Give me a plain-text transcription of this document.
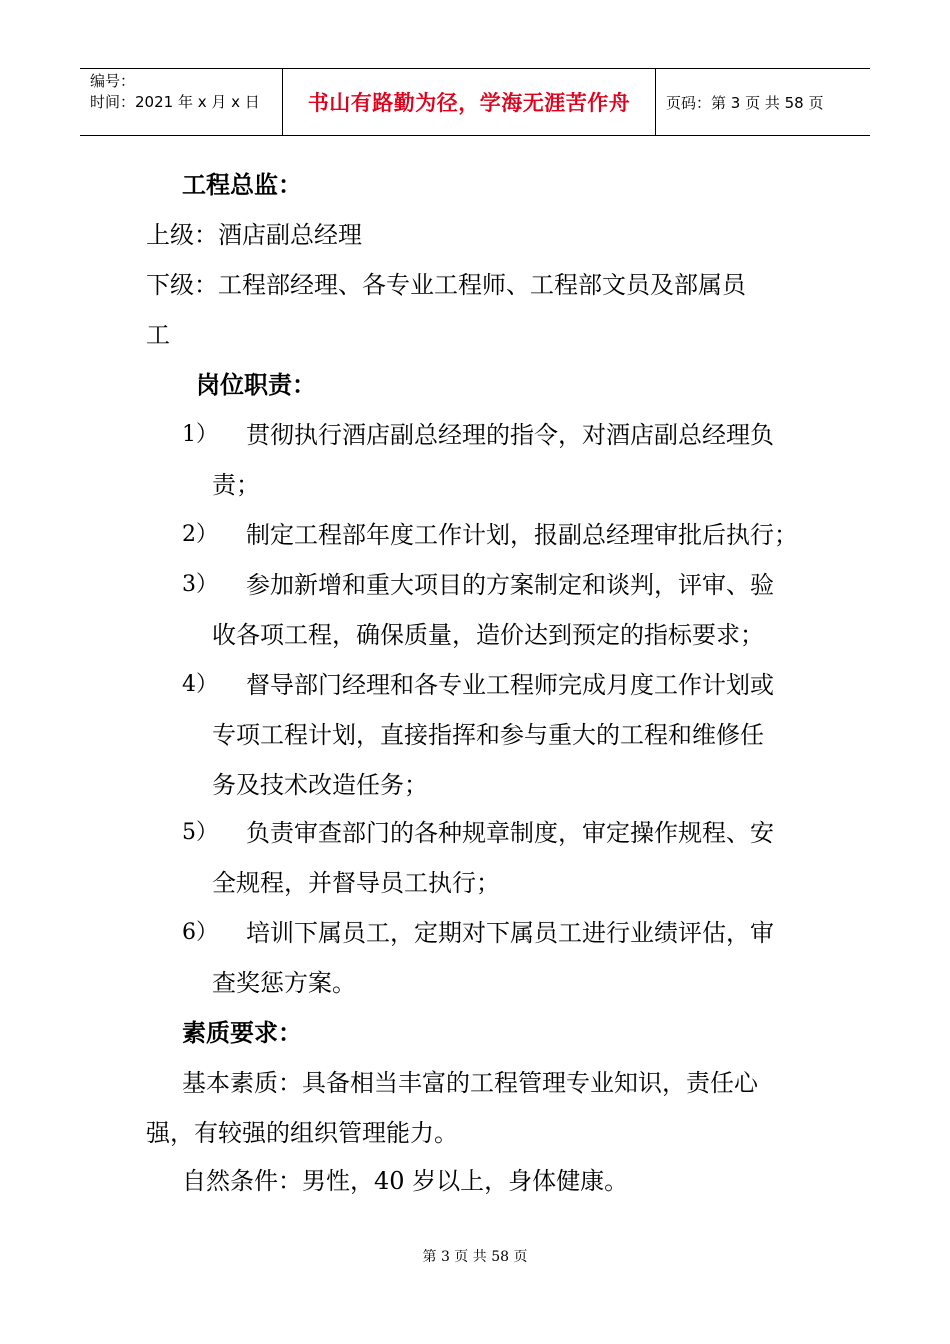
编号：
时间：2021 年 x 月 x 日	书山有路勤为径，学海无涯苦作舟 页码：第 3 页 共 58 页
工程总监：
上级：酒店副总经理
下级：工程部经理、各专业工程师、工程部文员及部属员
工
岗位职责：
1） 贯彻执行酒店副总经理的指令，对酒店副总经理负
责；
2） 制定工程部年度工作计划，报副总经理审批后执行；
3） 参加新增和重大项目的方案制定和谈判，评审、验
收各项工程，确保质量，造价达到预定的指标要求；
4） 督导部门经理和各专业工程师完成月度工作计划或
专项工程计划，直接指挥和参与重大的工程和维修任
务及技术改造任务；
5） 负责审查部门的各种规章制度，审定操作规程、安
全规程，并督导员工执行；
6） 培训下属员工，定期对下属员工进行业绩评估，审
查奖惩方案。
素质要求：
基本素质：具备相当丰富的工程管理专业知识，责任心
强，有较强的组织管理能力。
自然条件：男性，40 岁以上，身体健康。
第 3 页 共 58 页
